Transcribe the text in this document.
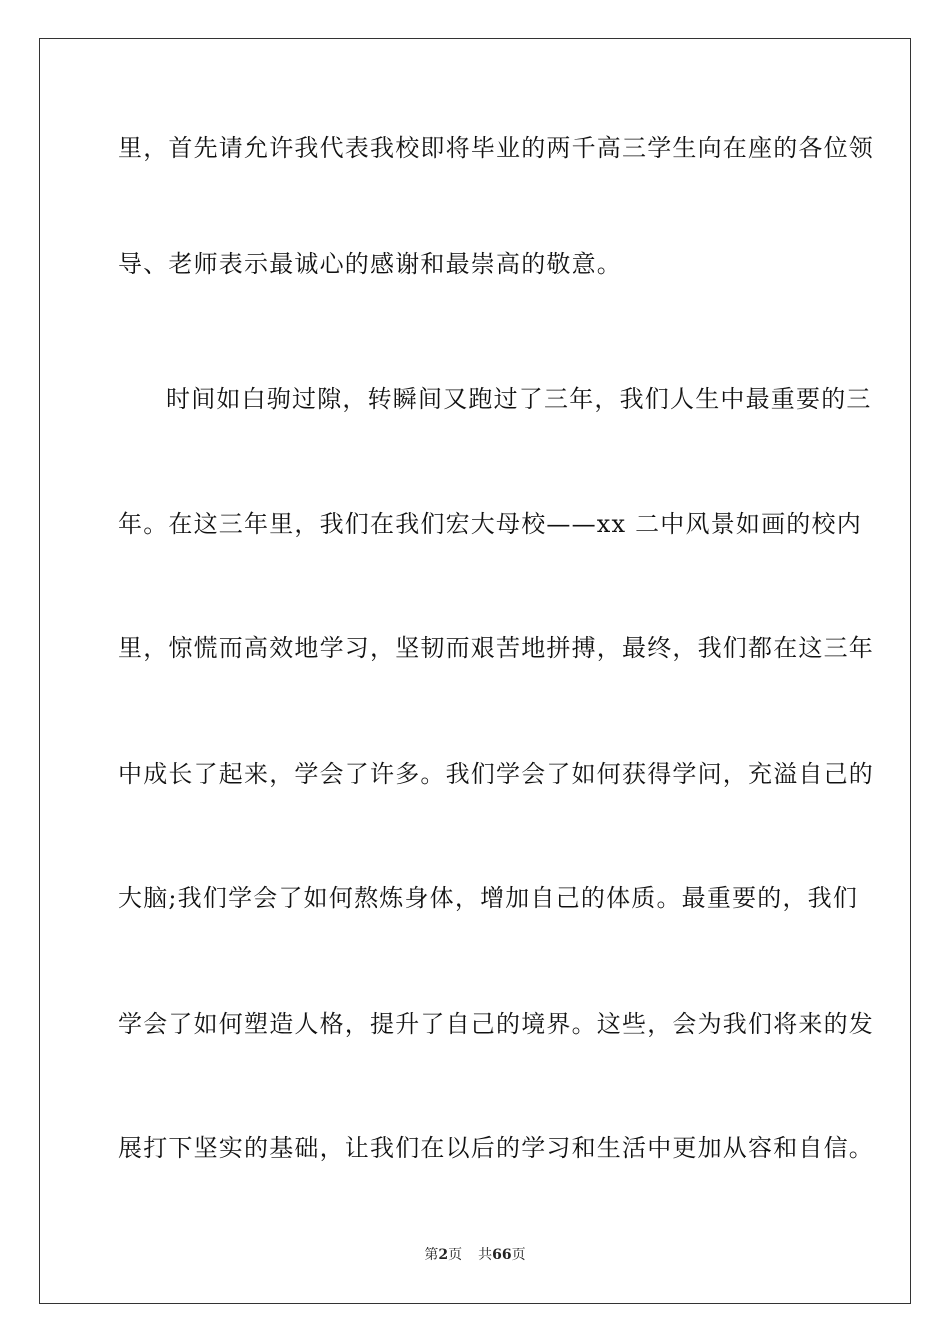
里，首先请允许我代表我校即将毕业的两千高三学生向在座的各位领
导、老师表示最诚心的感谢和最崇高的敬意。
时间如白驹过隙，转瞬间又跑过了三年，我们人生中最重要的三
年。在这三年里，我们在我们宏大母校——xx 二中风景如画的校内
里，惊慌而高效地学习，坚韧而艰苦地拼搏，最终，我们都在这三年
中成长了起来，学会了许多。我们学会了如何获得学问，充溢自己的
大脑;我们学会了如何熬炼身体，增加自己的体质。最重要的，我们
学会了如何塑造人格，提升了自己的境界。这些，会为我们将来的发
展打下坚实的基础，让我们在以后的学习和生活中更加从容和自信。
第2页 共66页
